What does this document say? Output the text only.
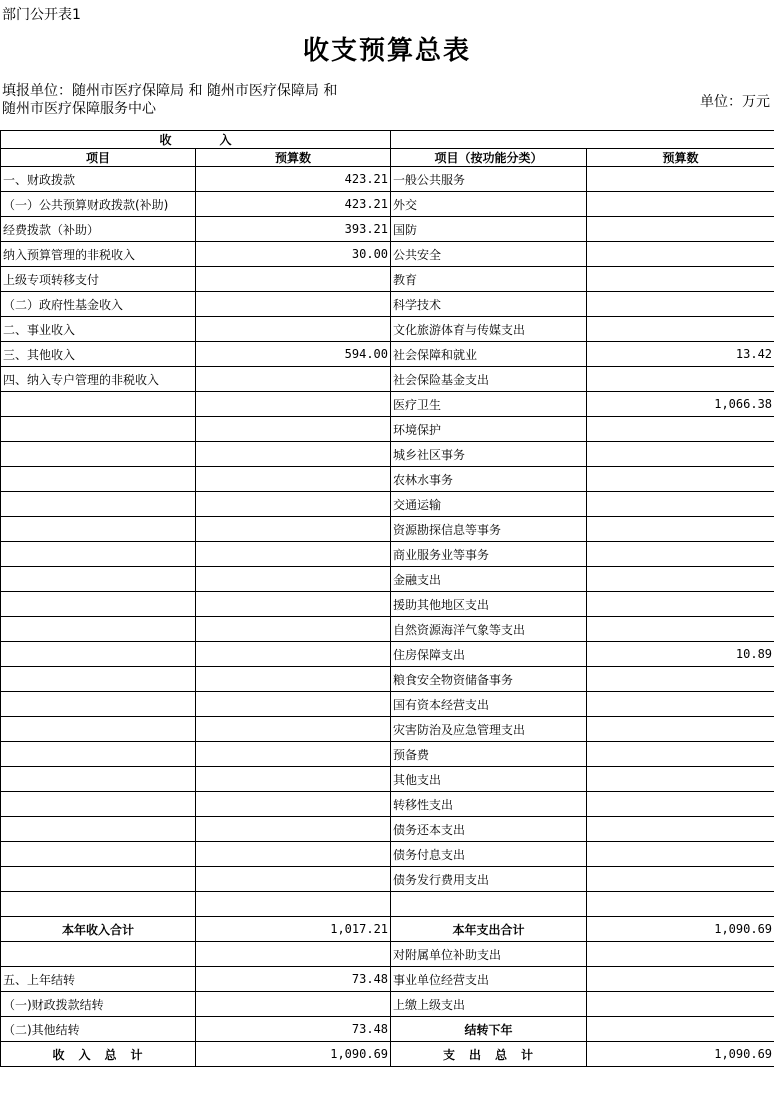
部门公开表1
收支预算总表
填报单位：随州市医疗保障局 和 随州市医疗保障局 和
随州市医疗保障服务中心	单位：万元
收　　　　入			
项目	预算数	项目（按功能分类）	预算数
一、财政拨款	423.21	一般公共服务	
（一）公共预算财政拨款(补助)	423.21	外交	
经费拨款（补助）	393.21	国防	
纳入预算管理的非税收入	30.00	公共安全	
上级专项转移支付		教育	
（二）政府性基金收入		科学技术	
二、事业收入		文化旅游体育与传媒支出	
三、其他收入	594.00	社会保障和就业	13.42
四、纳入专户管理的非税收入		社会保险基金支出	
		医疗卫生	1,066.38
		环境保护	
		城乡社区事务	
		农林水事务	
		交通运输	
		资源勘探信息等事务	
		商业服务业等事务	
		金融支出	
		援助其他地区支出	
		自然资源海洋气象等支出	
		住房保障支出	10.89
		粮食安全物资储备事务	
		国有资本经营支出	
		灾害防治及应急管理支出	
		预备费	
		其他支出	
		转移性支出	
		债务还本支出	
		债务付息支出	
		债务发行费用支出	

本年收入合计	1,017.21	本年支出合计	1,090.69
		对附属单位补助支出	
五、上年结转	73.48	事业单位经营支出	
（一)财政拨款结转		上缴上级支出	
（二)其他结转	73.48	结转下年	
收　入　总　计	1,090.69	支　出　总　计	1,090.69
